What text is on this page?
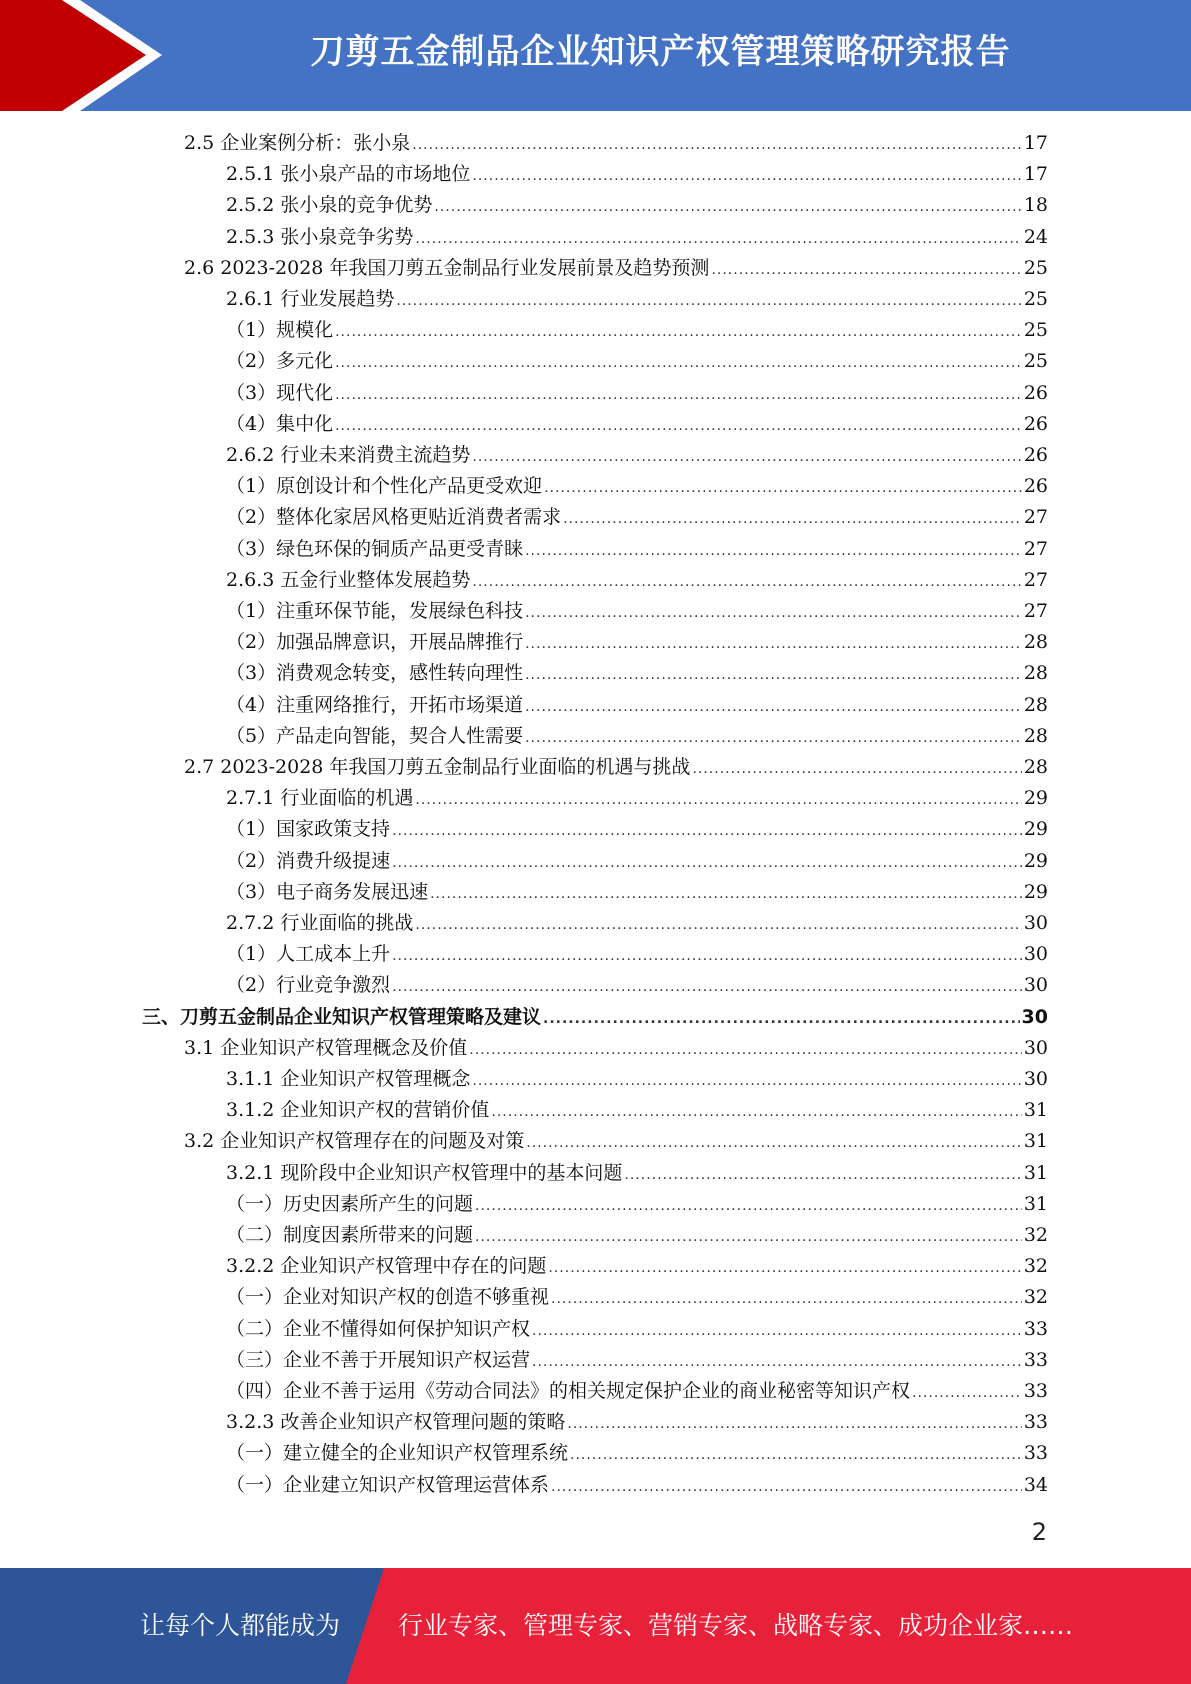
刀剪五金制品企业知识产权管理策略研究报告
2.5 企业案例分析：张小泉 .....	17
2.5.1 张小泉产品的市场地位 .....	17
2.5.2 张小泉的竞争优势 .....	18
2.5.3 张小泉竞争劣势 .....	24
2.6 2023-2028 年我国刀剪五金制品行业发展前景及趋势预测 .....	25
2.6.1 行业发展趋势 .....	25
（1）规模化 .....	25
（2）多元化 .....	25
（3）现代化 .....	26
（4）集中化 .....	26
2.6.2 行业未来消费主流趋势 .....	26
（1）原创设计和个性化产品更受欢迎 .....	26
（2）整体化家居风格更贴近消费者需求 .....	27
（3）绿色环保的铜质产品更受青睐 .....	27
2.6.3 五金行业整体发展趋势 .....	27
（1）注重环保节能，发展绿色科技 .....	27
（2）加强品牌意识，开展品牌推行 .....	28
（3）消费观念转变，感性转向理性 .....	28
（4）注重网络推行，开拓市场渠道 .....	28
（5）产品走向智能，契合人性需要 .....	28
2.7 2023-2028 年我国刀剪五金制品行业面临的机遇与挑战 .....	28
2.7.1 行业面临的机遇 .....	29
（1）国家政策支持 .....	29
（2）消费升级提速 .....	29
（3）电子商务发展迅速 .....	29
2.7.2 行业面临的挑战 .....	30
（1）人工成本上升 .....	30
（2）行业竞争激烈 .....	30
三、刀剪五金制品企业知识产权管理策略及建议 .....	30
3.1 企业知识产权管理概念及价值 .....	30
3.1.1 企业知识产权管理概念 .....	30
3.1.2 企业知识产权的营销价值 .....	31
3.2 企业知识产权管理存在的问题及对策 .....	31
3.2.1 现阶段中企业知识产权管理中的基本问题 .....	31
（一）历史因素所产生的问题 .....	31
（二）制度因素所带来的问题 .....	32
3.2.2 企业知识产权管理中存在的问题 .....	32
（一）企业对知识产权的创造不够重视 .....	32
（二）企业不懂得如何保护知识产权 .....	33
（三）企业不善于开展知识产权运营 .....	33
（四）企业不善于运用《劳动合同法》的相关规定保护企业的商业秘密等知识产权 .....	33
3.2.3 改善企业知识产权管理问题的策略 .....	33
（一）建立健全的企业知识产权管理系统 .....	33
（一）企业建立知识产权管理运营体系 .....	34
2
让每个人都能成为 行业专家、管理专家、营销专家、战略专家、成功企业家……
